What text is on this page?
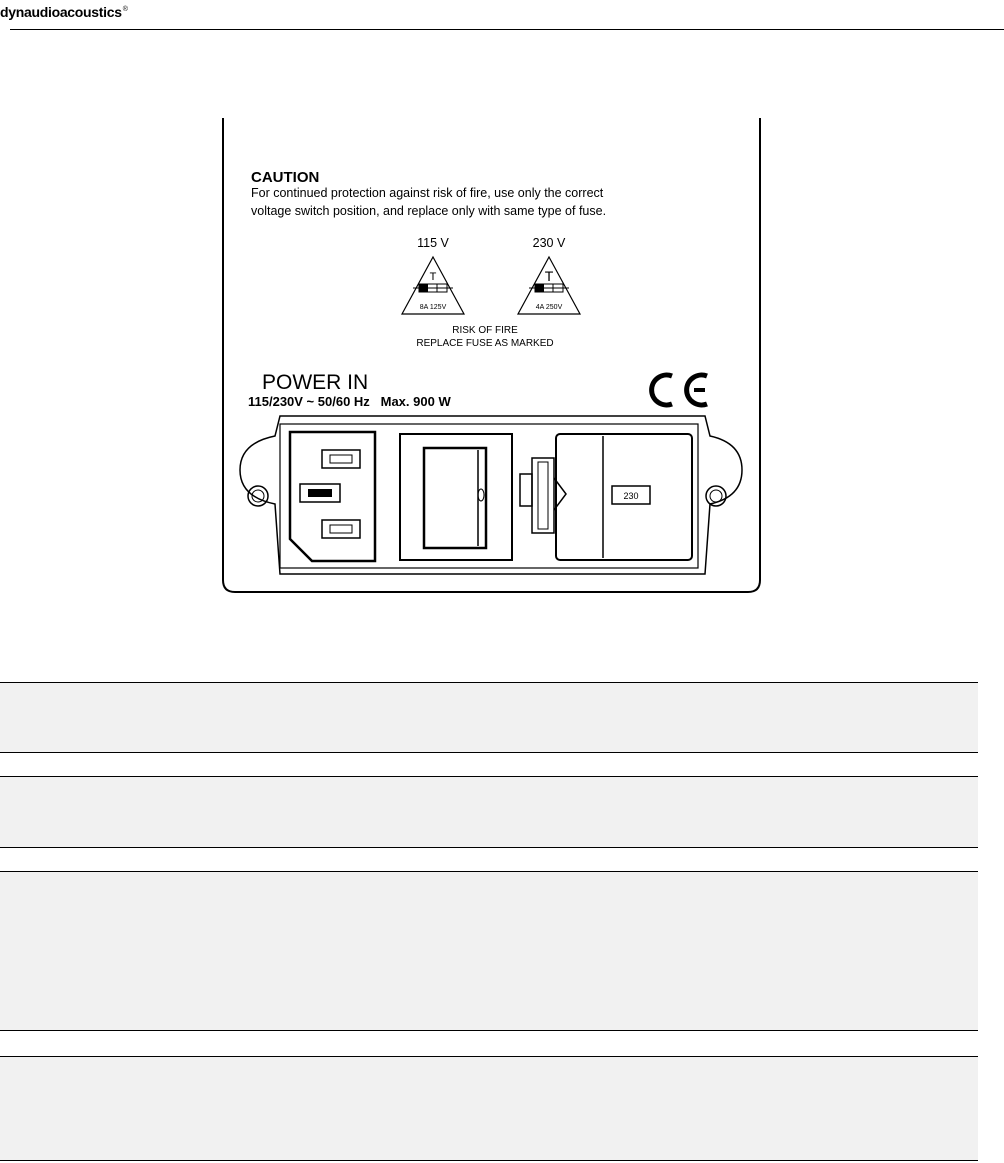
dynaudioacoustics®
CAUTION
For continued protection against risk of fire, use only the correct
voltage switch position, and replace only with same type of fuse.
115 V
T
8A 125V
230 V
T
4A 250V
RISK OF FIRE
REPLACE FUSE AS MARKED
POWER IN
115/230V ~ 50/60 Hz   Max. 900 W
230
